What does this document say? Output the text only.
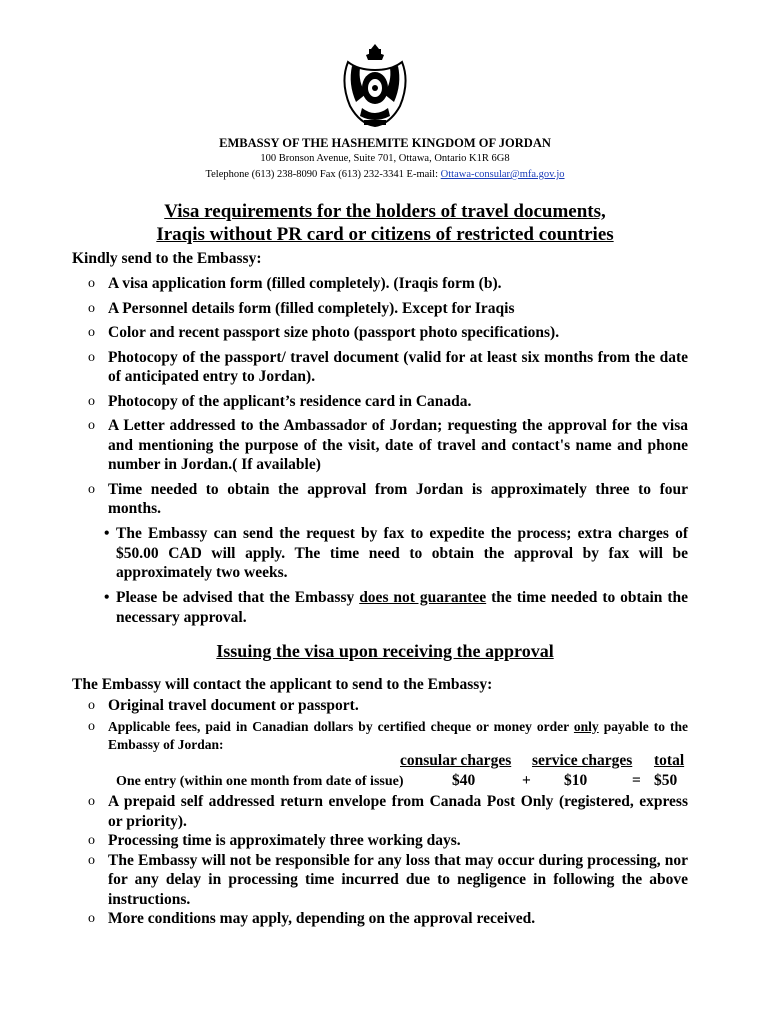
EMBASSY OF THE HASHEMITE KINGDOM OF JORDAN
100 Bronson Avenue, Suite 701, Ottawa, Ontario K1R 6G8
Telephone (613) 238-8090 Fax (613) 232-3341 E-mail: Ottawa-consular@mfa.gov.jo
Visa requirements for the holders of travel documents,
Iraqis without PR card or citizens of restricted countries
Kindly send to the Embassy:
o A visa application form (filled completely). (Iraqis form (b).
o A Personnel details form (filled completely). Except for Iraqis
o Color and recent passport size photo (passport photo specifications).
o Photocopy of the passport/ travel document (valid for at least six months from the date of anticipated entry to Jordan).
o Photocopy of the applicant’s residence card in Canada.
o A Letter addressed to the Ambassador of Jordan; requesting the approval for the visa and mentioning the purpose of the visit, date of travel and contact's name and phone number in Jordan.( If available)
o Time needed to obtain the approval from Jordan is approximately three to four months.
• The Embassy can send the request by fax to expedite the process; extra charges of $50.00 CAD will apply. The time need to obtain the approval by fax will be approximately two weeks.
• Please be advised that the Embassy does not guarantee the time needed to obtain the necessary approval.
Issuing the visa upon receiving the approval
The Embassy will contact the applicant to send to the Embassy:
o Original travel document or passport.
o Applicable fees, paid in Canadian dollars by certified cheque or money order only payable to the Embassy of Jordan:
consular charges service charges total
One entry (within one month from date of issue)	$40	+ $10	= $50
o A prepaid self addressed return envelope from Canada Post Only (registered, express or priority).
o Processing time is approximately three working days.
o The Embassy will not be responsible for any loss that may occur during processing, nor for any delay in processing time incurred due to negligence in following the above instructions.
o More conditions may apply, depending on the approval received.
